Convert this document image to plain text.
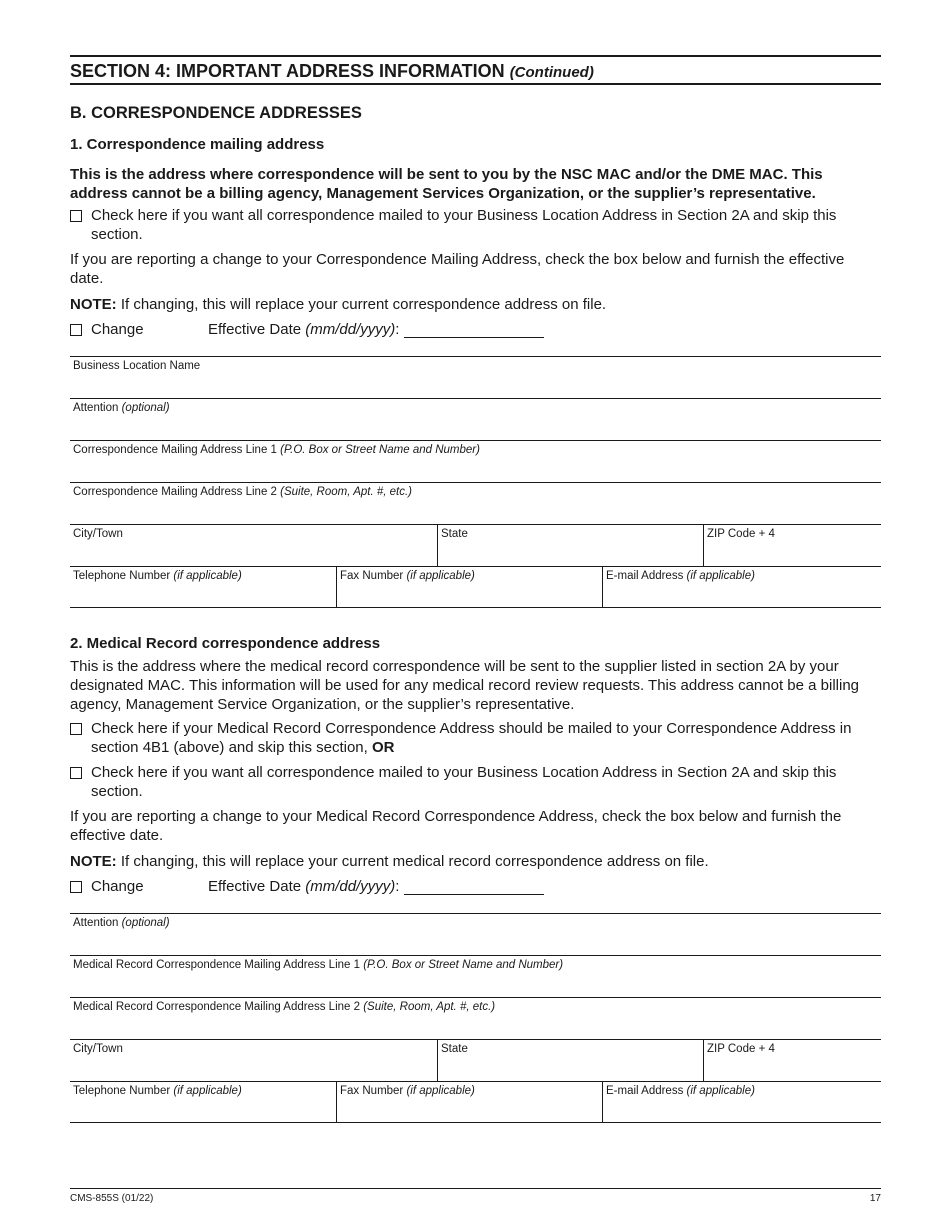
SECTION 4: IMPORTANT ADDRESS INFORMATION (Continued)
B. CORRESPONDENCE ADDRESSES
1. Correspondence mailing address
This is the address where correspondence will be sent to you by the NSC MAC and/or the DME MAC. This address cannot be a billing agency, Management Services Organization, or the supplier’s representative.
Check here if you want all correspondence mailed to your Business Location Address in Section 2A and skip this section.
If you are reporting a change to your Correspondence Mailing Address, check the box below and furnish the effective date.
NOTE: If changing, this will replace your current correspondence address on file.
Change	Effective Date (mm/dd/yyyy):
Business Location Name
Attention (optional)
Correspondence Mailing Address Line 1 (P.O. Box or Street Name and Number)
Correspondence Mailing Address Line 2 (Suite, Room, Apt. #, etc.)
City/Town	State	ZIP Code + 4
Telephone Number (if applicable)	Fax Number (if applicable)	E-mail Address (if applicable)
2. Medical Record correspondence address
This is the address where the medical record correspondence will be sent to the supplier listed in section 2A by your designated MAC. This information will be used for any medical record review requests. This address cannot be a billing agency, Management Service Organization, or the supplier’s representative.
Check here if your Medical Record Correspondence Address should be mailed to your Correspondence Address in section 4B1 (above) and skip this section, OR
Check here if you want all correspondence mailed to your Business Location Address in Section 2A and skip this section.
If you are reporting a change to your Medical Record Correspondence Address, check the box below and furnish the effective date.
NOTE: If changing, this will replace your current medical record correspondence address on file.
Change	Effective Date (mm/dd/yyyy):
Attention (optional)
Medical Record Correspondence Mailing Address Line 1 (P.O. Box or Street Name and Number)
Medical Record Correspondence Mailing Address Line 2 (Suite, Room, Apt. #, etc.)
City/Town	State	ZIP Code + 4
Telephone Number (if applicable)	Fax Number (if applicable)	E-mail Address (if applicable)
CMS-855S (01/22)	17
